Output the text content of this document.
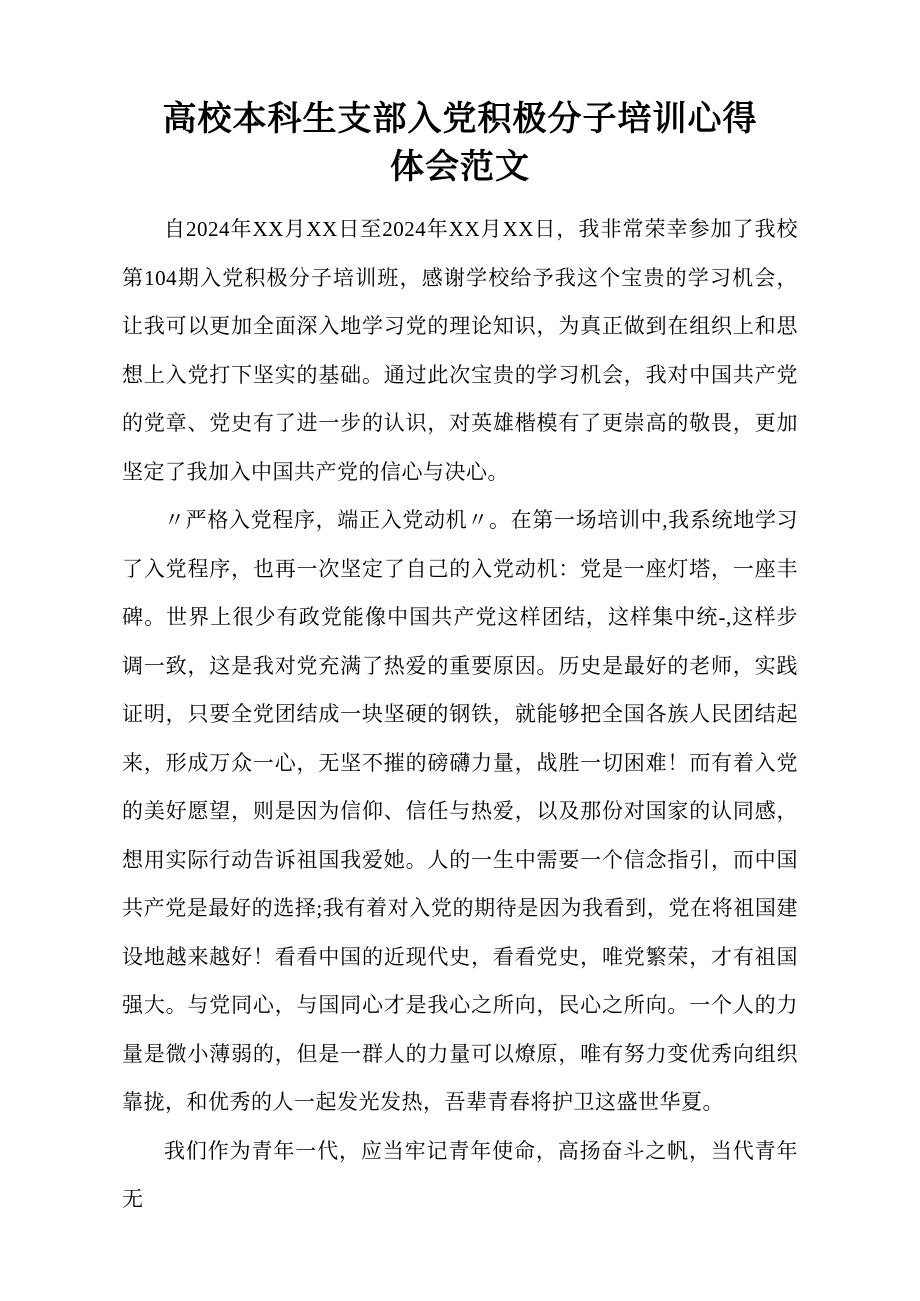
高校本科生支部入党积极分子培训心得
体会范文

自2024年XX月XX日至2024年XX月XX日，我非常荣幸参加了我校第104期入党积极分子培训班，感谢学校给予我这个宝贵的学习机会，让我可以更加全面深入地学习党的理论知识，为真正做到在组织上和思想上入党打下坚实的基础。通过此次宝贵的学习机会，我对中国共产党的党章、党史有了进一步的认识，对英雄楷模有了更崇高的敬畏，更加坚定了我加入中国共产党的信心与决心。

〃严格入党程序，端正入党动机〃。在第一场培训中,我系统地学习了入党程序，也再一次坚定了自己的入党动机：党是一座灯塔，一座丰碑。世界上很少有政党能像中国共产党这样团结，这样集中统-,这样步调一致，这是我对党充满了热爱的重要原因。历史是最好的老师，实践证明，只要全党团结成一块坚硬的钢铁，就能够把全国各族人民团结起来，形成万众一心，无坚不摧的磅礴力量，战胜一切困难！而有着入党的美好愿望，则是因为信仰、信任与热爱，以及那份对国家的认同感，想用实际行动告诉祖国我爱她。人的一生中需要一个信念指引，而中国共产党是最好的选择;我有着对入党的期待是因为我看到，党在将祖国建设地越来越好！看看中国的近现代史，看看党史，唯党繁荣，才有祖国强大。与党同心，与国同心才是我心之所向，民心之所向。一个人的力量是微小薄弱的，但是一群人的力量可以燎原，唯有努力变优秀向组织靠拢，和优秀的人一起发光发热，吾辈青春将护卫这盛世华夏。

我们作为青年一代，应当牢记青年使命，高扬奋斗之帆，当代青年无
